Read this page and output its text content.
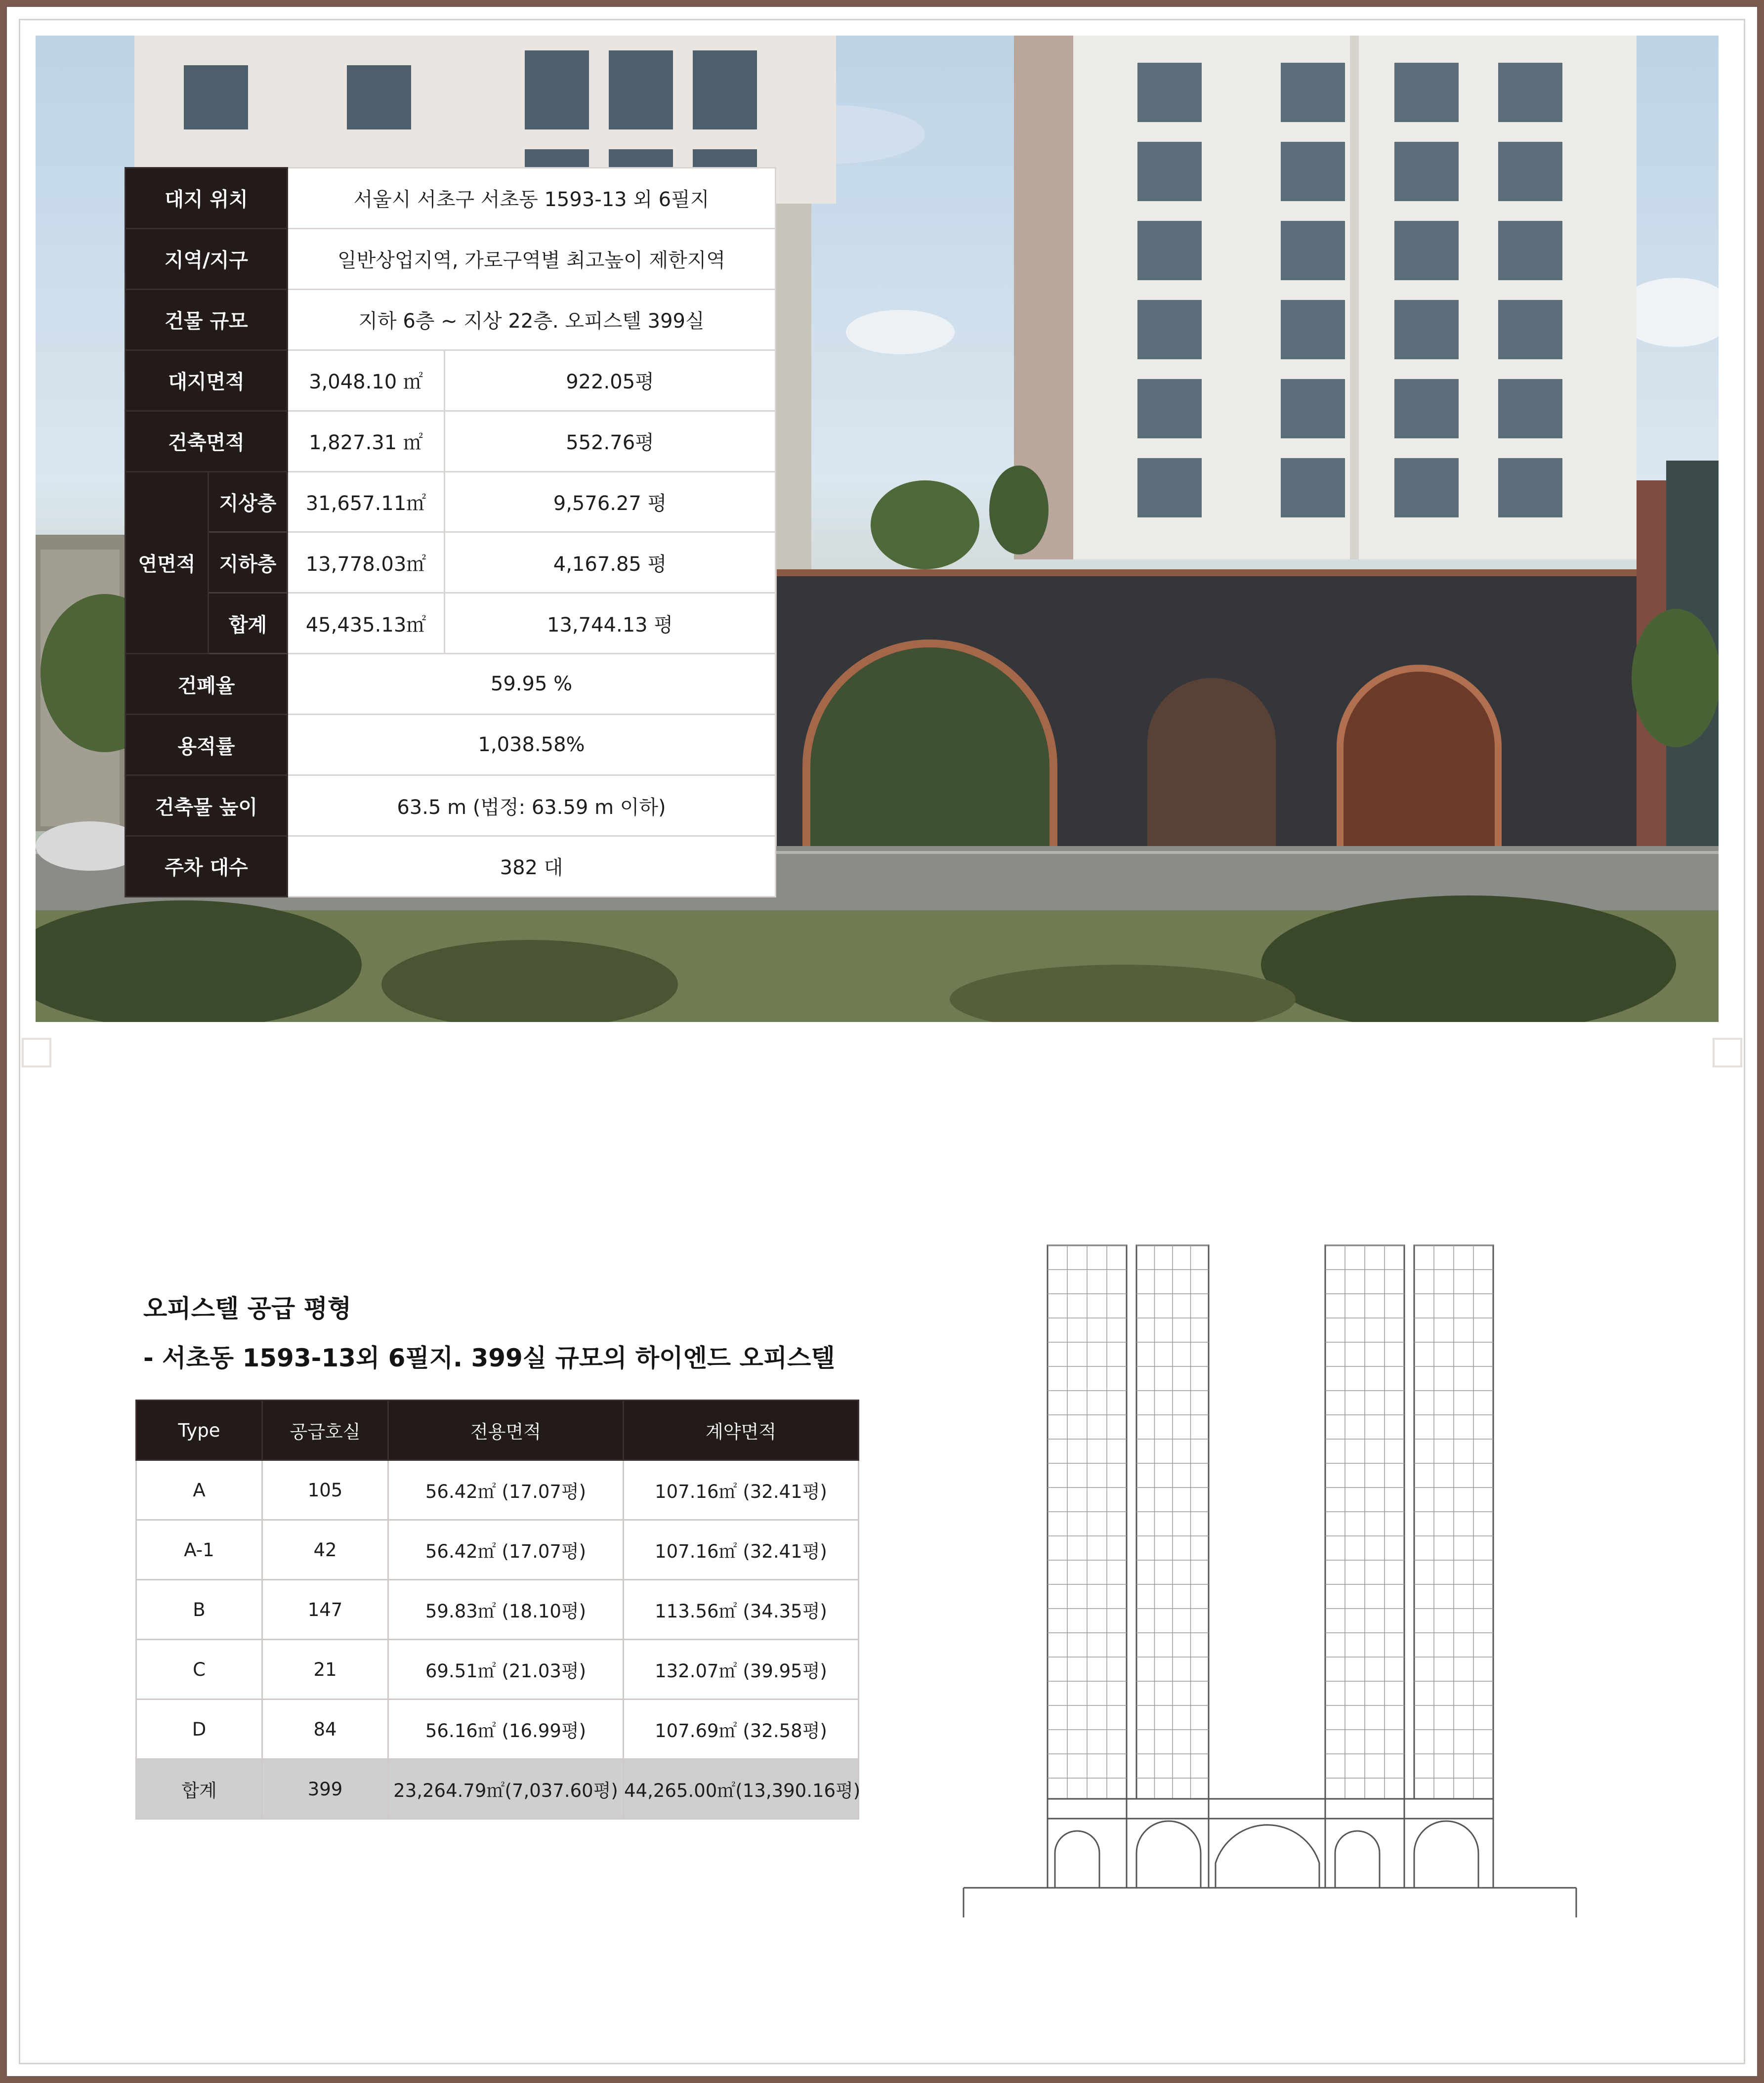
대지 위치		서울시 서초구 서초동 1593-13 외 6필지	
지역/지구		일반상업지역, 가로구역별 최고높이 제한지역	
건물 규모		지하 6층 ~ 지상 22층. 오피스텔 399실	
대지면적		3,048.10 ㎡	922.05평
건축면적		1,827.31 ㎡	552.76평
연면적	지상층	31,657.11㎡	9,576.27 평
	지하층	13,778.03㎡	4,167.85 평
	합계	45,435.13㎡	13,744.13 평
건폐율		59.95 %	
용적률		1,038.58%	
건축물 높이		63.5 m (법정: 63.59 m 이하)	
주차 대수		382 대	
오피스텔 공급 평형
- 서초동 1593-13외 6필지. 399실 규모의 하이엔드 오피스텔
Type	공급호실	전용면적	계약면적
A	105	56.42㎡ (17.07평)	107.16㎡ (32.41평)
A-1	42	56.42㎡ (17.07평)	107.16㎡ (32.41평)
B	147	59.83㎡ (18.10평)	113.56㎡ (34.35평)
C	21	69.51㎡ (21.03평)	132.07㎡ (39.95평)
D	84	56.16㎡ (16.99평)	107.69㎡ (32.58평)
합계	399	23,264.79㎡(7,037.60평)	44,265.00㎡(13,390.16평)
